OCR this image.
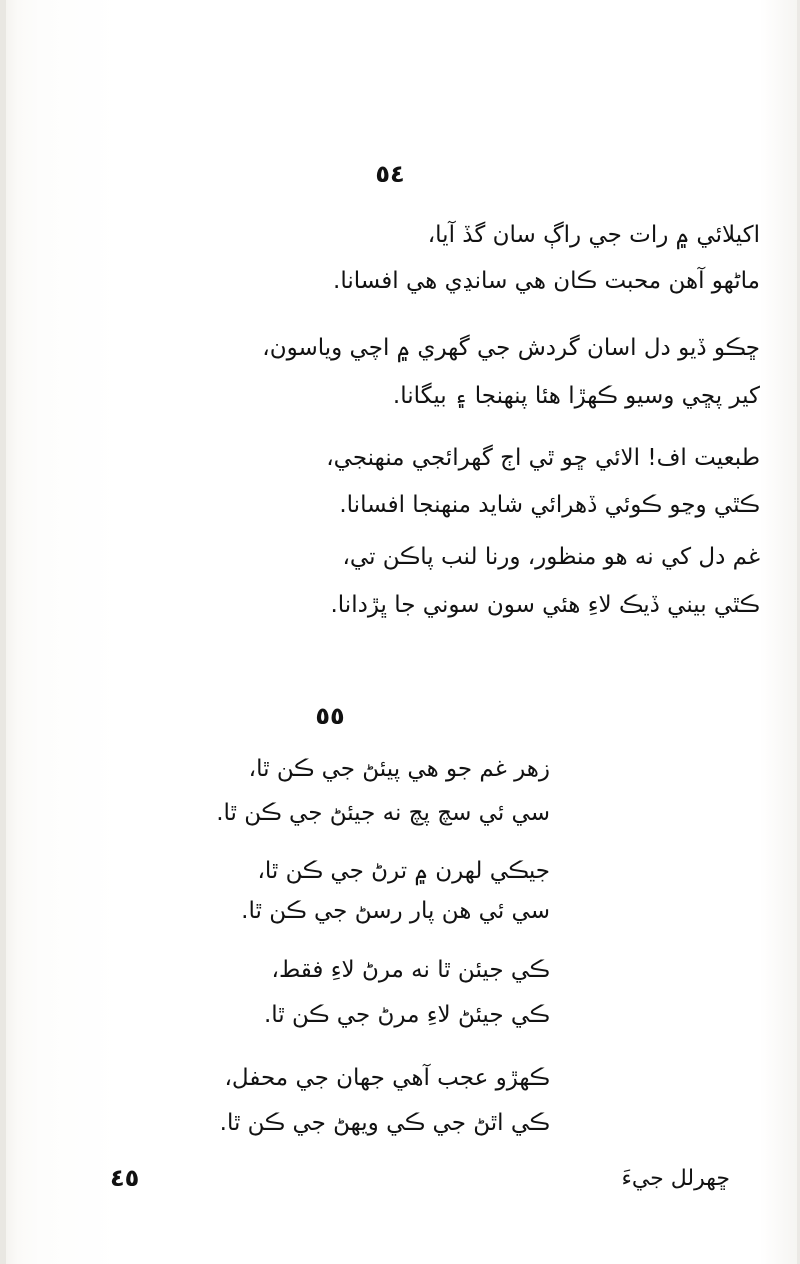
٥٤
اکيلائي ۾ رات جي راڳ سان گڏ آيا،
ماڻهو آهن محبت ڪان هي سانڍي هي افسانا.
ڇڪو ڏيو دل اسان گردش جي گهري ۾ اچي وياسون،
کير پڇي وسيو ڪهڙا هئا پنهنجا ۽ بيگانا.
طبعيت اف! الائي ڇو ٿي اڄ گهرائجي منهنجي،
ڪٿي وڃو ڪوئي ڏهرائي شايد منهنجا افسانا.
غم دل کي نه هو منظور، ورنا لنب پاڪن تي،
ڪٿي بيني ڏيڪ لاءِ هئي سون سوني جا ڀڙدانا.
٥٥
زهر غم جو هي پيئڻ جي ڪن ٿا،
سي ئي سچ پچ نه جيئڻ جي ڪن ٿا.
جيڪي لهرن ۾ ترڻ جي ڪن ٿا،
سي ئي هن پار رسڻ جي ڪن ٿا.
ڪي جيئن ٿا نه مرڻ لاءِ فقط،
ڪي جيئڻ لاءِ مرڻ جي ڪن ٿا.
ڪهڙو عجب آهي جهان جي محفل،
ڪي اٿڻ جي ڪي ويهڻ جي ڪن ٿا.
٤٥	ڇهرلل جيءَ
